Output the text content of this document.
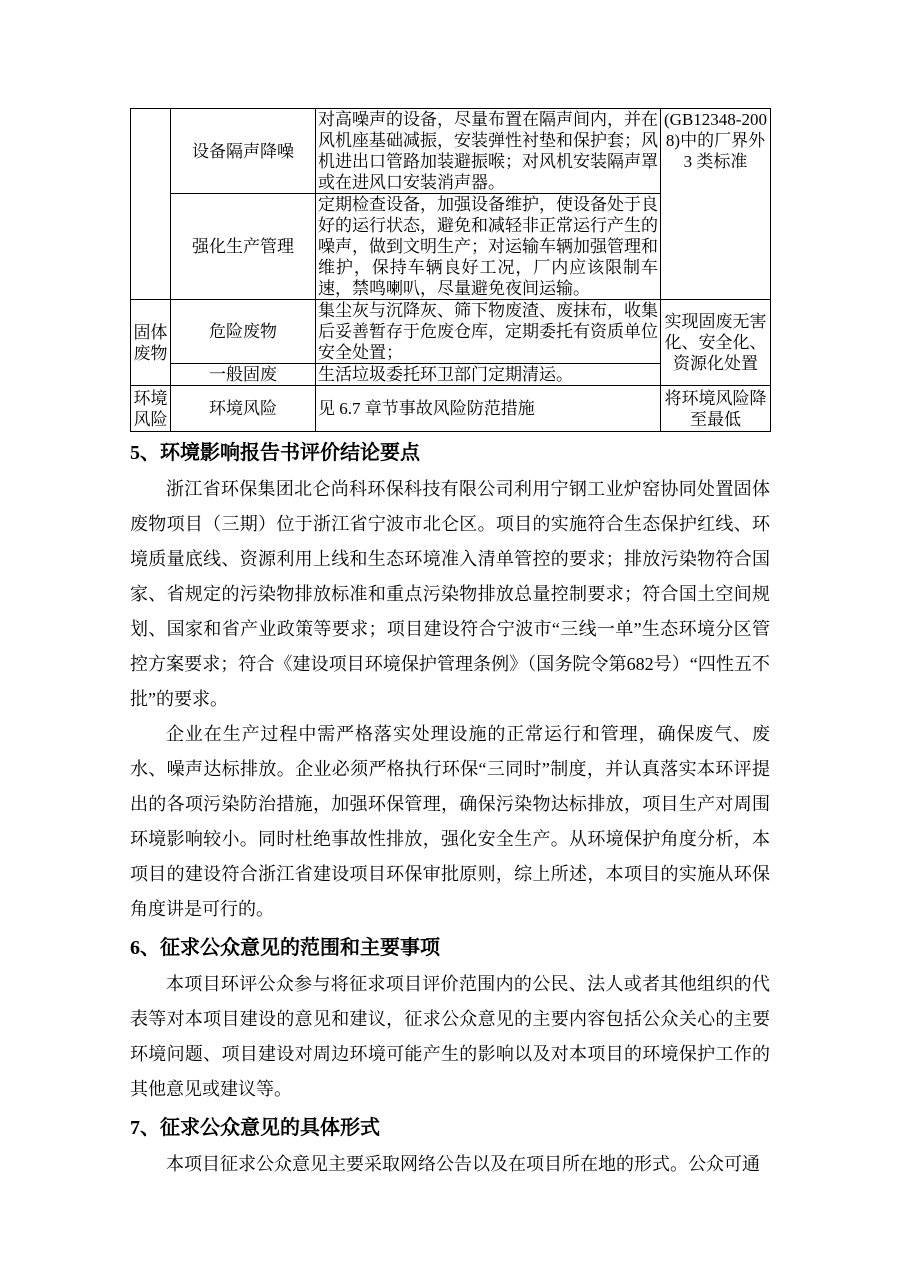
	设备隔声降噪	对高噪声的设备，尽量布置在隔声间内，并在风机座基础减振，安装弹性衬垫和保护套；风机进出口管路加装避振喉；对风机安装隔声罩或在进风口安装消声器。	(GB12348-2008)中的厂界外 3 类标准
	强化生产管理	定期检查设备，加强设备维护，使设备处于良好的运行状态，避免和减轻非正常运行产生的噪声，做到文明生产；对运输车辆加强管理和维护，保持车辆良好工况，厂内应该限制车速，禁鸣喇叭，尽量避免夜间运输。	
固体废物	危险废物	集尘灰与沉降灰、筛下物废渣、废抹布，收集后妥善暂存于危废仓库，定期委托有资质单位安全处置；	实现固废无害化、安全化、资源化处置
	一般固废	生活垃圾委托环卫部门定期清运。	
环境风险	环境风险	见 6.7 章节事故风险防范措施	将环境风险降至最低
5、环境影响报告书评价结论要点

浙江省环保集团北仑尚科环保科技有限公司利用宁钢工业炉窑协同处置固体废物项目（三期）位于浙江省宁波市北仑区。项目的实施符合生态保护红线、环境质量底线、资源利用上线和生态环境准入清单管控的要求；排放污染物符合国家、省规定的污染物排放标准和重点污染物排放总量控制要求；符合国土空间规划、国家和省产业政策等要求；项目建设符合宁波市“三线一单”生态环境分区管控方案要求；符合《建设项目环境保护管理条例》（国务院令第682号）“四性五不批”的要求。

企业在生产过程中需严格落实处理设施的正常运行和管理，确保废气、废水、噪声达标排放。企业必须严格执行环保“三同时”制度，并认真落实本环评提出的各项污染防治措施，加强环保管理，确保污染物达标排放，项目生产对周围环境影响较小。同时杜绝事故性排放，强化安全生产。从环境保护角度分析，本项目的建设符合浙江省建设项目环保审批原则，综上所述，本项目的实施从环保角度讲是可行的。

6、征求公众意见的范围和主要事项

本项目环评公众参与将征求项目评价范围内的公民、法人或者其他组织的代表等对本项目建设的意见和建议，征求公众意见的主要内容包括公众关心的主要环境问题、项目建设对周边环境可能产生的影响以及对本项目的环境保护工作的其他意见或建议等。

7、征求公众意见的具体形式

本项目征求公众意见主要采取网络公告以及在项目所在地的形式。公众可通
